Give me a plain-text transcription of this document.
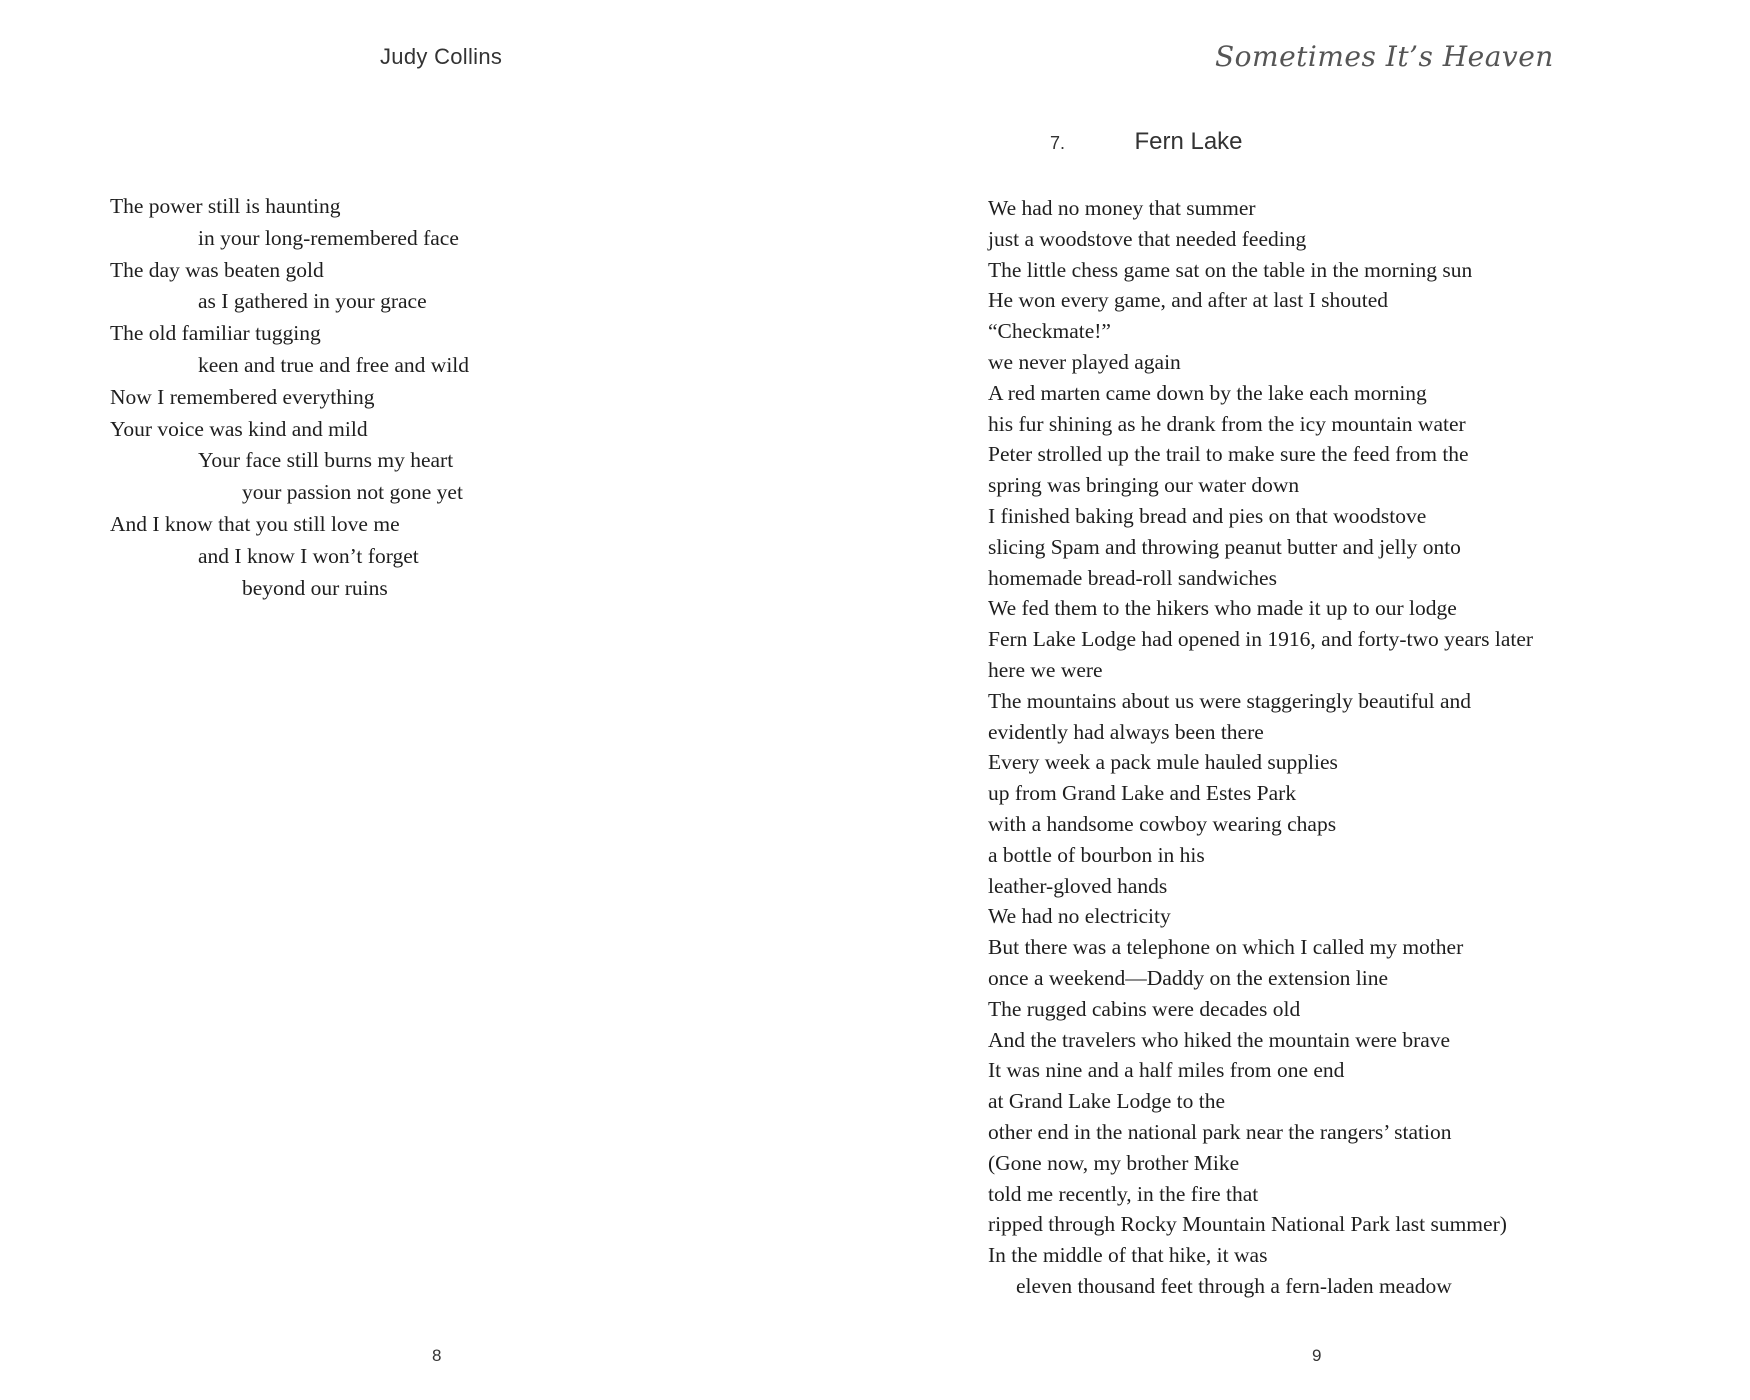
Judy Collins
The power still is haunting
in your long-remembered face
The day was beaten gold
as I gathered in your grace
The old familiar tugging
keen and true and free and wild
Now I remembered everything
Your voice was kind and mild
Your face still burns my heart
your passion not gone yet
And I know that you still love me
and I know I won’t forget
beyond our ruins
8
Sometimes It’s Heaven
7.	Fern Lake
We had no money that summer
just a woodstove that needed feeding
The little chess game sat on the table in the morning sun
He won every game, and after at last I shouted
“Checkmate!”
we never played again
A red marten came down by the lake each morning
his fur shining as he drank from the icy mountain water
Peter strolled up the trail to make sure the feed from the
spring was bringing our water down
I finished baking bread and pies on that woodstove
slicing Spam and throwing peanut butter and jelly onto
homemade bread-roll sandwiches
We fed them to the hikers who made it up to our lodge
Fern Lake Lodge had opened in 1916, and forty-two years later
here we were
The mountains about us were staggeringly beautiful and
evidently had always been there
Every week a pack mule hauled supplies
up from Grand Lake and Estes Park
with a handsome cowboy wearing chaps
a bottle of bourbon in his
leather-gloved hands
We had no electricity
But there was a telephone on which I called my mother
once a weekend—Daddy on the extension line
The rugged cabins were decades old
And the travelers who hiked the mountain were brave
It was nine and a half miles from one end
at Grand Lake Lodge to the
other end in the national park near the rangers’ station
(Gone now, my brother Mike
told me recently, in the fire that
ripped through Rocky Mountain National Park last summer)
In the middle of that hike, it was
eleven thousand feet through a fern-laden meadow
9
